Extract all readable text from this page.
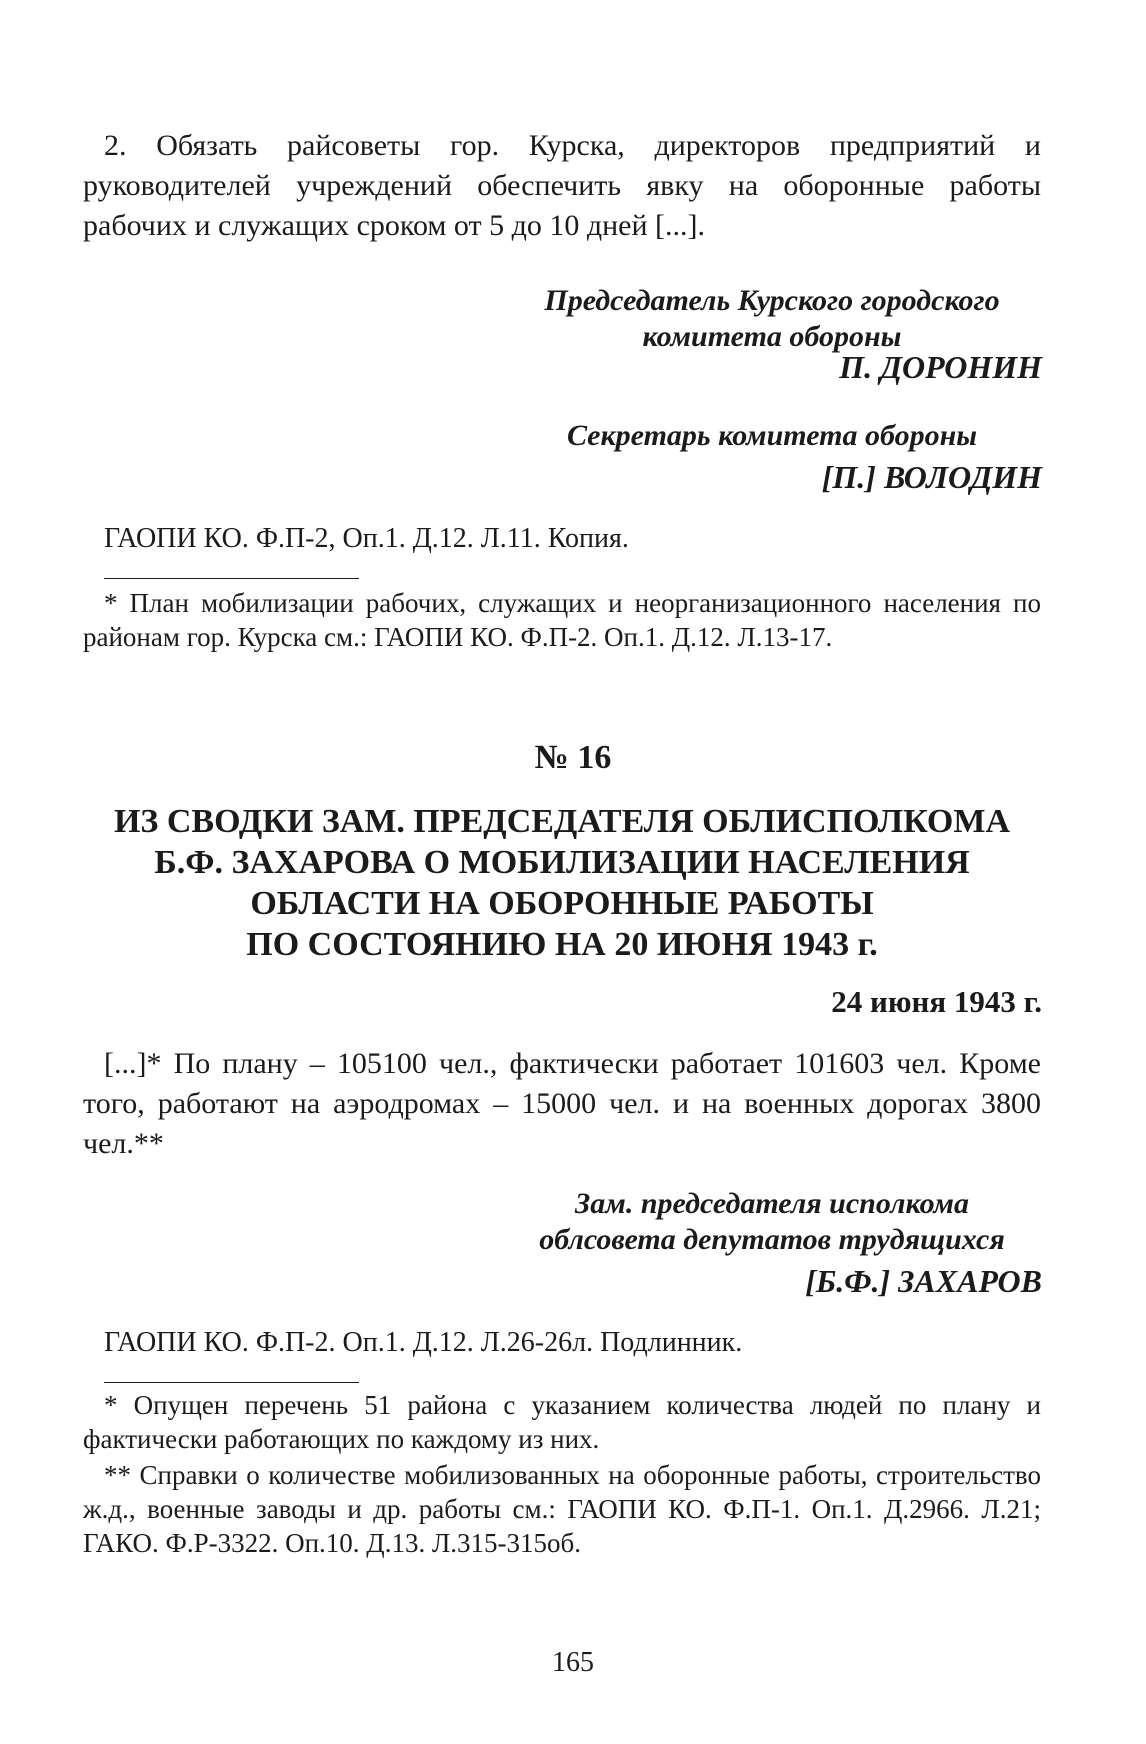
2. Обязать райсоветы гор. Курска, директоров предприятий и руководителей учреждений обеспечить явку на оборонные работы рабочих и служащих сроком от 5 до 10 дней [...].
Председатель Курского городского
комитета обороны
П. ДОРОНИН
Секретарь комитета обороны
[П.] ВОЛОДИН
ГАОПИ КО. Ф.П-2, Оп.1. Д.12. Л.11. Копия.
* План мобилизации рабочих, служащих и неорганизационного населения по районам гор. Курска см.: ГАОПИ КО. Ф.П-2. Оп.1. Д.12. Л.13-17.
№ 16
ИЗ СВОДКИ ЗАМ. ПРЕДСЕДАТЕЛЯ ОБЛИСПОЛКОМА
Б.Ф. ЗАХАРОВА О МОБИЛИЗАЦИИ НАСЕЛЕНИЯ
ОБЛАСТИ НА ОБОРОННЫЕ РАБОТЫ
ПО СОСТОЯНИЮ НА 20 ИЮНЯ 1943 г.
24 июня 1943 г.
[...]* По плану – 105100 чел., фактически работает 101603 чел. Кроме того, работают на аэродромах – 15000 чел. и на военных дорогах 3800 чел.**
Зам. председателя исполкома
облсовета депутатов трудящихся
[Б.Ф.] ЗАХАРОВ
ГАОПИ КО. Ф.П-2. Оп.1. Д.12. Л.26-26л. Подлинник.
* Опущен перечень 51 района с указанием количества людей по плану и фактически работающих по каждому из них.
** Справки о количестве мобилизованных на оборонные работы, строительство ж.д., военные заводы и др. работы см.: ГАОПИ КО. Ф.П-1. Оп.1. Д.2966. Л.21; ГАКО. Ф.Р-3322. Оп.10. Д.13. Л.315-315об.
165
